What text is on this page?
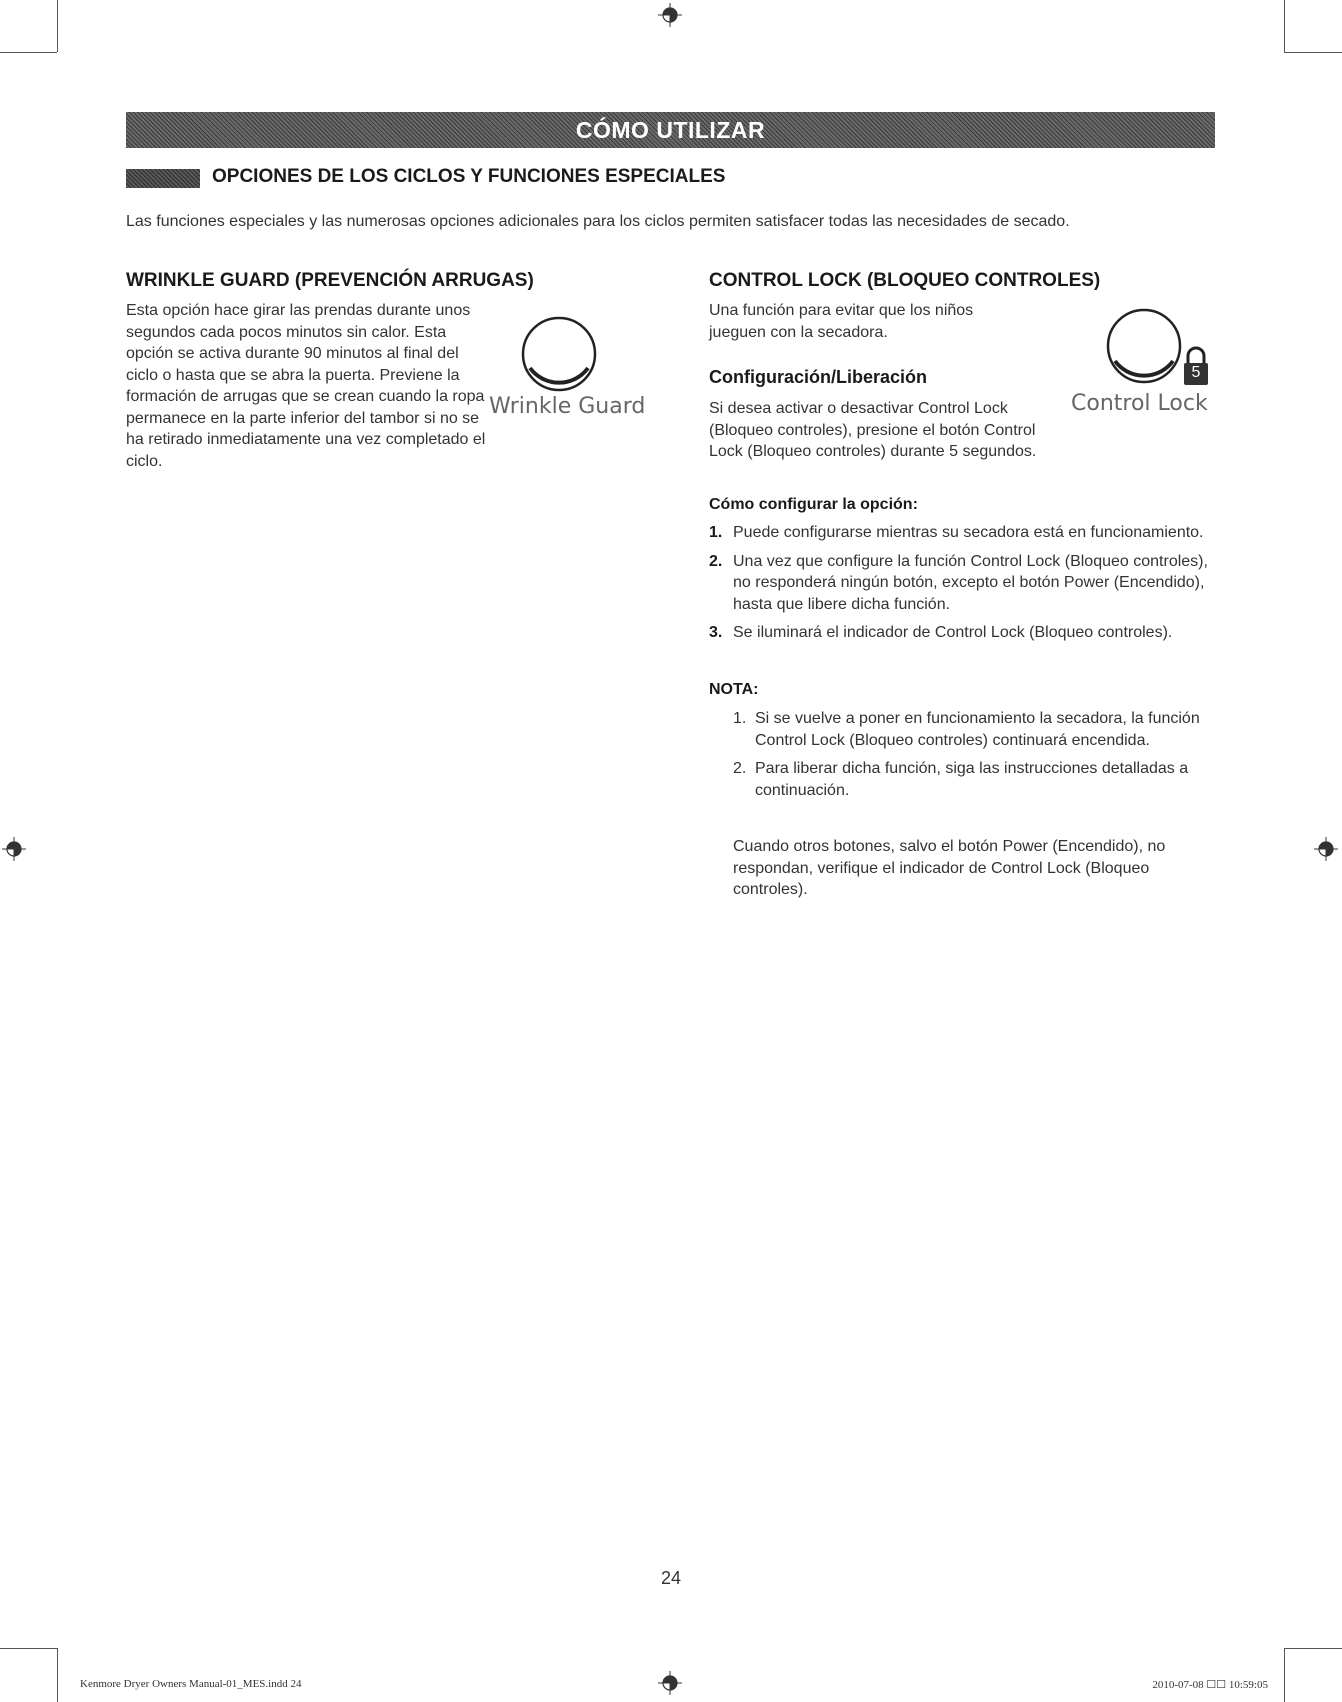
CÓMO UTILIZAR
OPCIONES DE LOS CICLOS Y FUNCIONES ESPECIALES
Las funciones especiales y las numerosas opciones adicionales para los ciclos permiten satisfacer todas las necesidades de secado.
WRINKLE GUARD (PREVENCIÓN ARRUGAS)

Esta opción hace girar las prendas durante unos segundos cada pocos minutos sin calor. Esta opción se activa durante 90 minutos al final del ciclo o hasta que se abra la puerta. Previene la formación de arrugas que se crean cuando la ropa permanece en la parte inferior del tambor si no se ha retirado inmediatamente una vez completado el ciclo.

Wrinkle Guard
CONTROL LOCK (BLOQUEO CONTROLES)

Una función para evitar que los niños jueguen con la secadora.

5
Control Lock
Configuración/Liberación

Si desea activar o desactivar Control Lock (Bloqueo controles), presione el botón Control Lock (Bloqueo controles) durante 5 segundos.

Cómo configurar la opción:
1. Puede configurarse mientras su secadora está en funcionamiento.
2. Una vez que configure la función Control Lock (Bloqueo controles), no responderá ningún botón, excepto el botón Power (Encendido), hasta que libere dicha función.
3. Se iluminará el indicador de Control Lock (Bloqueo controles).
NOTA:
1. Si se vuelve a poner en funcionamiento la secadora, la función Control Lock (Bloqueo controles) continuará encendida.
2. Para liberar dicha función, siga las instrucciones detalladas a continuación.

Cuando otros botones, salvo el botón Power (Encendido), no respondan, verifique el indicador de Control Lock (Bloqueo controles).

24
Kenmore Dryer Owners Manual-01_MES.indd 24	2010-07-08 ☐☐ 10:59:05
